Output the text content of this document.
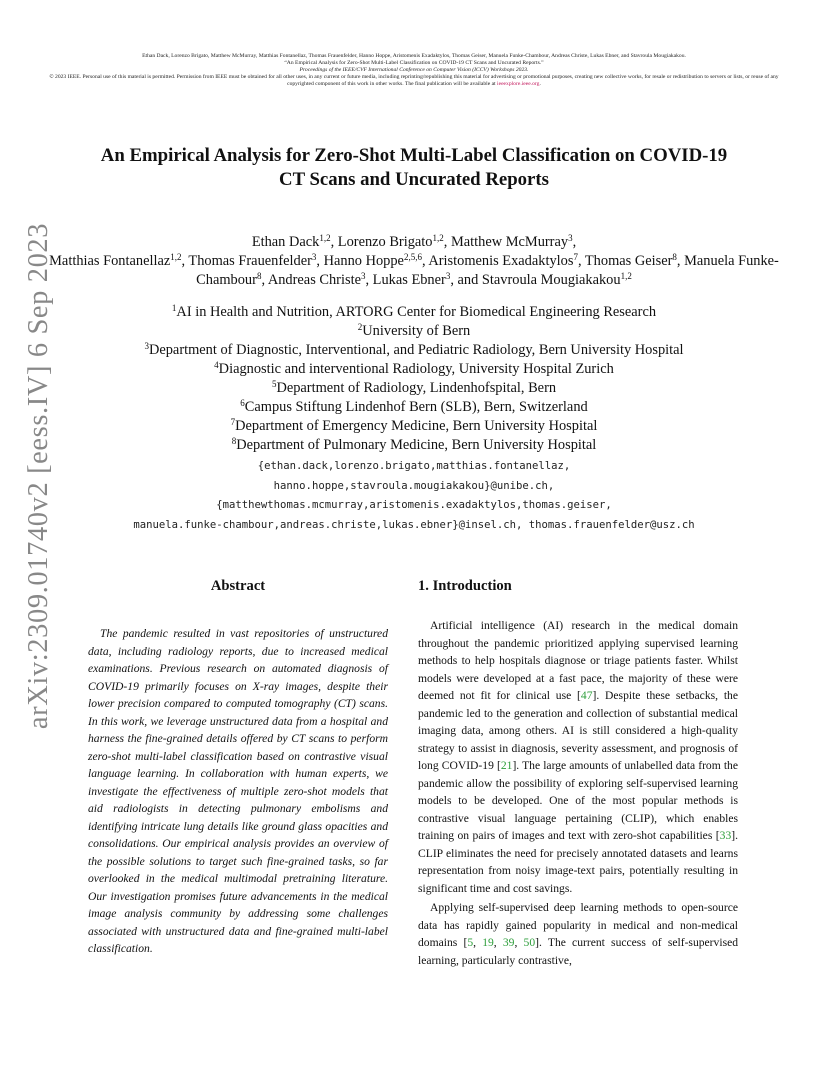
Ethan Dack, Lorenzo Brigato, Matthew McMurray, Matthias Fontanellaz, Thomas Frauenfelder, Hanno Hoppe, Aristomenis Exadaktylos, Thomas Geiser, Manuela Funke-Chambour, Andreas Christe, Lukas Ebner, and Stavroula Mougiakakou.
“An Empirical Analysis for Zero-Shot Multi-Label Classification on COVID-19 CT Scans and Uncurated Reports.”
Proceedings of the IEEE/CVF International Conference on Computer Vision (ICCV) Workshops 2023.
© 2023 IEEE. Personal use of this material is permitted. Permission from IEEE must be obtained for all other uses, in any current or future media, including reprinting/republishing this material for advertising or promotional purposes, creating new collective works, for resale or redistribution to servers or lists, or reuse of any copyrighted component of this work in other works. The final publication will be available at ieeexplore.ieee.org.
arXiv:2309.01740v2 [eess.IV] 6 Sep 2023
An Empirical Analysis for Zero-Shot Multi-Label Classification on COVID-19
CT Scans and Uncurated Reports
Ethan Dack$^{1,2}$, Lorenzo Brigato$^{1,2}$, Matthew McMurray$^3$,
Matthias Fontanellaz$^{1,2}$, Thomas Frauenfelder$^3$, Hanno Hoppe$^{2,5,6}$, Aristomenis Exadaktylos$^7$, Thomas Geiser$^8$, Manuela Funke-Chambour$^8$, Andreas Christe$^3$, Lukas Ebner$^3$, and Stavroula Mougiakakou$^{1,2}$
$^1$AI in Health and Nutrition, ARTORG Center for Biomedical Engineering Research
$^2$University of Bern
$^3$Department of Diagnostic, Interventional, and Pediatric Radiology, Bern University Hospital
$^4$Diagnostic and interventional Radiology, University Hospital Zurich
$^5$Department of Radiology, Lindenhofspital, Bern
$^6$Campus Stiftung Lindenhof Bern (SLB), Bern, Switzerland
$^7$Department of Emergency Medicine, Bern University Hospital
$^8$Department of Pulmonary Medicine, Bern University Hospital
{ethan.dack,lorenzo.brigato,matthias.fontanellaz,
hanno.hoppe,stavroula.mougiakakou}@unibe.ch,
{matthewthomas.mcmurray,aristomenis.exadaktylos,thomas.geiser,
manuela.funke-chambour,andreas.christe,lukas.ebner}@insel.ch, thomas.frauenfelder@usz.ch
Abstract

The pandemic resulted in vast repositories of unstructured data, including radiology reports, due to increased medical examinations. Previous research on automated diagnosis of COVID-19 primarily focuses on X-ray images, despite their lower precision compared to computed tomography (CT) scans. In this work, we leverage unstructured data from a hospital and harness the fine-grained details offered by CT scans to perform zero-shot multi-label classification based on contrastive visual language learning. In collaboration with human experts, we investigate the effectiveness of multiple zero-shot models that aid radiologists in detecting pulmonary embolisms and identifying intricate lung details like ground glass opacities and consolidations. Our empirical analysis provides an overview of the possible solutions to target such fine-grained tasks, so far overlooked in the medical multimodal pretraining literature. Our investigation promises future advancements in the medical image analysis community by addressing some challenges associated with unstructured data and fine-grained multi-label classification.

1. Introduction

Artificial intelligence (AI) research in the medical domain throughout the pandemic prioritized applying supervised learning methods to help hospitals diagnose or triage patients faster. Whilst models were developed at a fast pace, the majority of these were deemed not fit for clinical use [47]. Despite these setbacks, the pandemic led to the generation and collection of substantial medical imaging data, among others. AI is still considered a high-quality strategy to assist in diagnosis, severity assessment, and prognosis of long COVID-19 [21]. The large amounts of unlabelled data from the pandemic allow the possibility of exploring self-supervised learning models to be developed. One of the most popular methods is contrastive visual language pertaining (CLIP), which enables training on pairs of images and text with zero-shot capabilities [33]. CLIP eliminates the need for precisely annotated datasets and learns representation from noisy image-text pairs, potentially resulting in significant time and cost savings.

Applying self-supervised deep learning methods to open-source data has rapidly gained popularity in medical and non-medical domains [5, 19, 39, 50]. The current success of self-supervised learning, particularly contrastive,
